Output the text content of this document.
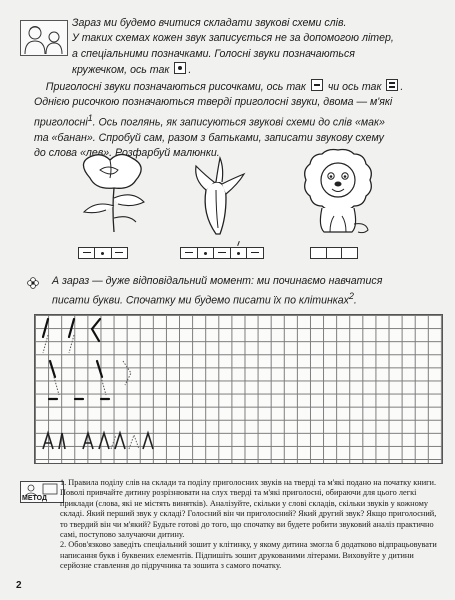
Зараз ми будемо вчитися складати звукові схеми слів.

У таких схемах кожен звук записується не за допомогою літер,

а спеціальними позначками. Голосні звуки позначаються

кружечком, ось так .

Приголосні звуки позначаються рисочками, ось так чи ось так .

Однією рисочкою позначаються тверді приголосні звуки, двома — м'які

приголосні$^1$. Ось поглянь, як записуються звукові схеми до слів «мак»

та «банан». Спробуй сам, разом з батьками, записати звукову схему

до слова «лев». Розфарбуй малюнки.

А зараз — дуже відповідальний момент: ми починаємо навчатися

писати букви. Спочатку ми будемо писати їх по клітинках$^2$.

МЕТОД

1. Правила поділу слів на склади та поділу приголосних звуків на тверді та м'які подано на початку книги. Поволі привчайте дитину розрізнювати на слух тверді та м'які приголосні, обираючи для цього легкі приклади (слова, які не містять винятків). Аналізуйте, скільки у слові складів, скільки звуків у кожному складі. Який перший звук у складі? Голосний він чи приголосний? Який другий звук? Якщо приголосний, то твердий він чи м'який? Будьте готові до того, що спочатку ви будете робити звуковий аналіз практично самі, поступово залучаючи дитину.

2. Обов'язково заведіть спеціальний зошит у клітинку, у якому дитина змогла б додатково відпрацьовувати написання букв і буквених елементів. Підпишіть зошит друкованими літерами. Виховуйте у дитини серйозне ставлення до підручника та зошита з самого початку.

2
